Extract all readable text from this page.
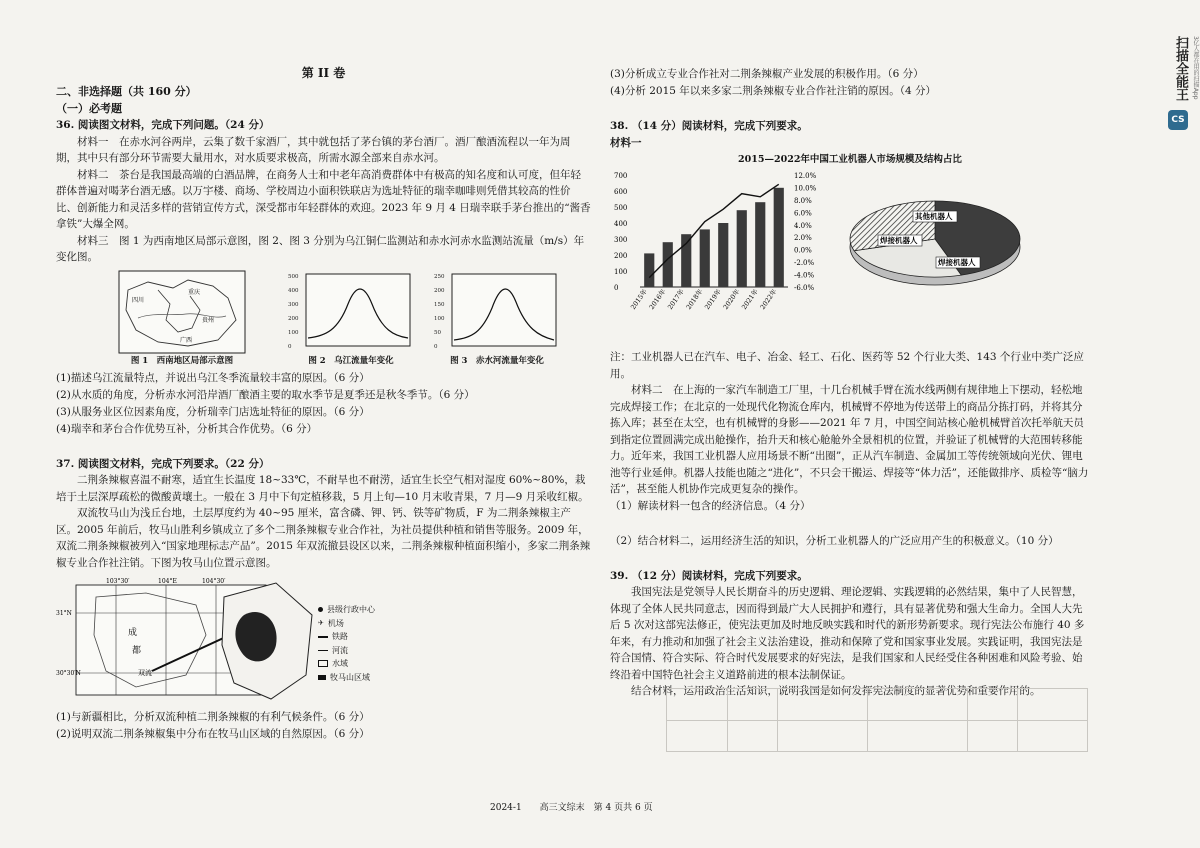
第 II 卷

二、非选择题（共 160 分）

（一）必考题

36. 阅读图文材料，完成下列问题。（24 分）

材料一　在赤水河谷两岸，云集了数千家酒厂，其中就包括了茅台镇的茅台酒厂。酒厂酿酒流程以一年为周期，其中只有部分环节需要大量用水，对水质要求极高，所需水源全部来自赤水河。

材料二　茶台是我国最高端的白酒品牌，在商务人士和中老年高消费群体中有极高的知名度和认可度，但年轻群体普遍对喝茅台酒无感。以万宇楼、商场、学校周边小面积铁联店为选址特征的瑞幸咖啡则凭借其较高的性价比、创新能力和灵活多样的营销宣传方式，深受都市年轻群体的欢迎。2023 年 9 月 4 日瑞幸联手茅台推出的“酱香拿铁”大爆全网。

材料三　图 1 为西南地区局部示意图，图 2、图 3 分别为乌江铜仁监测站和赤水河赤水监测站流量（m/s）年变化图。

四川
重庆
贵州
广西
图 1　西南地区局部示意图
500
400
300
200
100
0
图 2　乌江流量年变化
250
200
150
100
50
0
图 3　赤水河流量年变化

(1)描述乌江流量特点，并说出乌江冬季流量较丰富的原因。（6 分）

(2)从水质的角度，分析赤水河沿岸酒厂酿酒主要的取水季节是夏季还是秋冬季节。（6 分）

(3)从服务业区位因素角度，分析瑞幸门店选址特征的原因。（6 分）

(4)瑞幸和茅台合作优势互补，分析其合作优势。（6 分）

37. 阅读图文材料，完成下列要求。（22 分）

二荆条辣椒喜温不耐寒，适宜生长温度 18~33℃，不耐旱也不耐涝，适宜生长空气相对湿度 60%~80%，栽培于土层深厚疏松的微酸黄壤土。一般在 3 月中下旬定植移栽，5 月上旬—10 月末收青果，7 月—9 月采收红椒。

双流牧马山为浅丘台地，土层厚度约为 40~95 厘米，富含磷、钾、钙、铁等矿物质，F 为二荆条辣椒主产区。2005 年前后，牧马山胜利乡镇成立了多个二荆条辣椒专业合作社，为社员提供种植和销售等服务。2009 年，双流二荆条辣椒被列入“国家地理标志产品”。2015 年双流撤县设区以来，二荆条辣椒种植面积缩小，多家二荆条辣椒专业合作社注销。下图为牧马山位置示意图。

103°30′	104°E	104°30′
31°N
30°30′N
成
都
双流
县级行政中心
✈ 机场
铁路
河流
水域
牧马山区域

(1)与新疆相比，分析双流种植二荆条辣椒的有利气候条件。（6 分）

(2)说明双流二荆条辣椒集中分布在牧马山区域的自然原因。（6 分）

(3)分析成立专业合作社对二荆条辣椒产业发展的积极作用。（6 分）

(4)分析 2015 年以来多家二荆条辣椒专业合作社注销的原因。（4 分）

38. （14 分）阅读材料，完成下列要求。

材料一

2015—2022年中国工业机器人市场规模及结构占比

700
600
500
400
300
200
100
0
12.0%
10.0%
8.0%
6.0%
4.0%
2.0%
0.0%
-2.0%
-4.0%
-6.0%
2015年
2016年
2017年
2018年
2019年
2020年
2021年
2022年
其他机器人
焊接机器人
焊接机器人

注：工业机器人已在汽车、电子、冶金、轻工、石化、医药等 52 个行业大类、143 个行业中类广泛应用。

材料二　在上海的一家汽车制造工厂里，十几台机械手臂在流水线两侧有规律地上下摆动，轻松地完成焊接工作；在北京的一处现代化物流仓库内，机械臂不停地为传送带上的商品分拣打码，并将其分拣入库；甚至在太空，也有机械臂的身影——2021 年 7 月，中国空间站核心舱机械臂首次托举航天员到指定位置圆满完成出舱操作，抬升天和核心舱舱外全景相机的位置，并验证了机械臂的大范围转移能力。近年来，我国工业机器人应用场景不断“出圈”，正从汽车制造、金属加工等传统领域向光伏、锂电池等行业延伸。机器人技能也随之“进化”，不只会干搬运、焊接等“体力活”，还能做排序、质检等“脑力活”，甚至能人机协作完成更复杂的操作。

（1）解读材料一包含的经济信息。（4 分）

（2）结合材料二，运用经济生活的知识，分析工业机器人的广泛应用产生的积极意义。（10 分）

39. （12 分）阅读材料，完成下列要求。

我国宪法是党领导人民长期奋斗的历史逻辑、理论逻辑、实践逻辑的必然结果，集中了人民智慧，体现了全体人民共同意志，因而得到最广大人民拥护和遵行，具有显著优势和强大生命力。全国人大先后 5 次对这部宪法修正，使宪法更加及时地反映实践和时代的新形势新要求。现行宪法公布施行 40 多年来，有力推动和加强了社会主义法治建设，推动和保障了党和国家事业发展。实践证明，我国宪法是符合国情、符合实际、符合时代发展要求的好宪法，是我们国家和人民经受住各种困难和风险考验、始终沿着中国特色社会主义道路前进的根本法制保证。

结合材料，运用政治生活知识，说明我国是如何发挥宪法制度的显著优势和重要作用的。

2024-1　　高三文综末　第 4 页共 6 页
扫描全能王 3亿人都在用的扫描App
CS
